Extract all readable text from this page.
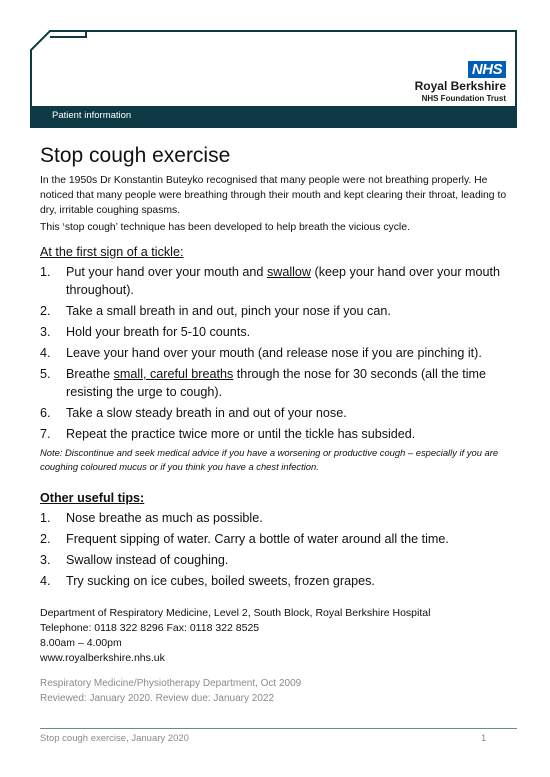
NHS
Royal Berkshire
NHS Foundation Trust
Patient information
Stop cough exercise

In the 1950s Dr Konstantin Buteyko recognised that many people were not breathing properly. He noticed that many people were breathing through their mouth and kept clearing their throat, leading to dry, irritable coughing spasms.

This ‘stop cough’ technique has been developed to help breath the vicious cycle.

At the first sign of a tickle:
1. Put your hand over your mouth and swallow (keep your hand over your mouth throughout).
2. Take a small breath in and out, pinch your nose if you can.
3. Hold your breath for 5-10 counts.
4. Leave your hand over your mouth (and release nose if you are pinching it).
5. Breathe small, careful breaths through the nose for 30 seconds (all the time resisting the urge to cough).
6. Take a slow steady breath in and out of your nose.
7. Repeat the practice twice more or until the tickle has subsided.
Note: Discontinue and seek medical advice if you have a worsening or productive cough – especially if you are coughing coloured mucus or if you think you have a chest infection.
Other useful tips:
1. Nose breathe as much as possible.
2. Frequent sipping of water. Carry a bottle of water around all the time.
3. Swallow instead of coughing.
4. Try sucking on ice cubes, boiled sweets, frozen grapes.
Department of Respiratory Medicine, Level 2, South Block, Royal Berkshire Hospital
Telephone: 0118 322 8296 Fax: 0118 322 8525
8.00am – 4.00pm
www.royalberkshire.nhs.uk
Respiratory Medicine/Physiotherapy Department, Oct 2009
Reviewed: January 2020. Review due: January 2022
Stop cough exercise, January 2020	1
